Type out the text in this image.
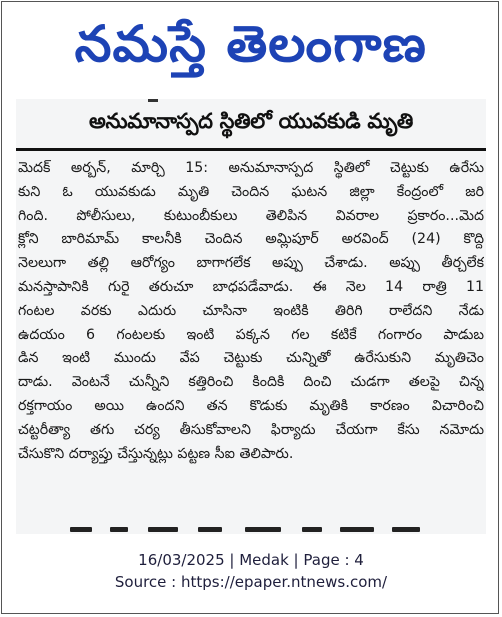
నమస్తే తెలంగాణ
అనుమానాస్పద స్థితిలో యువకుడి మృతి
మెదక్ అర్బన్, మార్చి 15: అనుమానాస్పద స్థితిలో చెట్టుకు ఉరేసు
కుని ఓ యువకుడు మృతి చెందిన ఘటన జిల్లా కేంద్రంలో జరి
గింది. పోలీసులు, కుటుంబీకులు తెలిపిన వివరాల ప్రకారం...మెద
క్లోని బారిమామ్ కాలనీకి చెందిన అమ్లిపూర్ అరవింద్ (24) కొద్ది
నెలలుగా తల్లి ఆరోగ్యం బాగాగలేక అప్పు చేశాడు. అప్పు తీర్చలేక
మనస్తాపానికి గురై తరుచూ బాధపడేవాడు. ఈ నెల 14 రాత్రి 11
గంటల వరకు ఎదురు చూసినా ఇంటికి తిరిగి రాలేదని నేడు
ఉదయం 6 గంటలకు ఇంటి పక్కన గల కటికే గంగారం పాడుబ
డిన ఇంటి ముందు వేప చెట్టుకు చున్నితో ఉరేసుకుని మృతిచెం
దాడు. వెంటనే చున్నీని కత్తిరించి కిందికి దించి చుడగా తలపై చిన్న
రక్తగాయం అయి ఉందని తన కొడుకు మృతికి కారణం విచారించి
చట్టరీత్యా తగు చర్య తీసుకోవాలని ఫిర్యాదు చేయగా కేసు నమోదు
చేసుకొని దర్యాప్తు చేస్తున్నట్లు పట్టణ సీఐ తెలిపారు.
16/03/2025 | Medak | Page : 4
Source : https://epaper.ntnews.com/
